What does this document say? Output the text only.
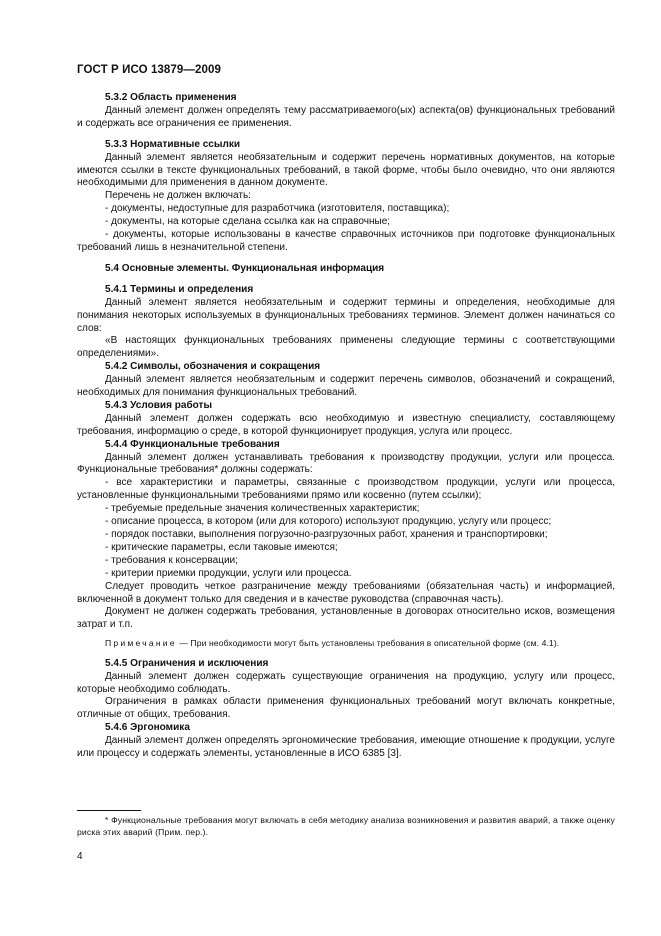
ГОСТ Р ИСО 13879—2009

5.3.2 Область применения

Данный элемент должен определять тему рассматриваемого(ых) аспекта(ов) функциональных требований и содержать все ограничения ее применения.

5.3.3 Нормативные ссылки

Данный элемент является необязательным и содержит перечень нормативных документов, на которые имеются ссылки в тексте функциональных требований, в такой форме, чтобы было очевидно, что они являются необходимыми для применения в данном документе.

Перечень не должен включать:

- документы, недоступные для разработчика (изготовителя, поставщика);

- документы, на которые сделана ссылка как на справочные;

- документы, которые использованы в качестве справочных источников при подготовке функциональных требований лишь в незначительной степени.

5.4 Основные элементы. Функциональная информация

5.4.1 Термины и определения

Данный элемент является необязательным и содержит термины и определения, необходимые для понимания некоторых используемых в функциональных требованиях терминов. Элемент должен начинаться со слов:

«В настоящих функциональных требованиях применены следующие термины с соответствующими определениями».

5.4.2 Символы, обозначения и сокращения

Данный элемент является необязательным и содержит перечень символов, обозначений и сокращений, необходимых для понимания функциональных требований.

5.4.3 Условия работы

Данный элемент должен содержать всю необходимую и известную специалисту, составляющему требования, информацию о среде, в которой функционирует продукция, услуга или процесс.

5.4.4 Функциональные требования

Данный элемент должен устанавливать требования к производству продукции, услуги или процесса. Функциональные требования* должны содержать:

- все характеристики и параметры, связанные с производством продукции, услуги или процесса, установленные функциональными требованиями прямо или косвенно (путем ссылки);

- требуемые предельные значения количественных характеристик;

- описание процесса, в котором (или для которого) используют продукцию, услугу или процесс;

- порядок поставки, выполнения погрузочно-разгрузочных работ, хранения и транспортировки;

- критические параметры, если таковые имеются;

- требования к консервации;

- критерии приемки продукции, услуги или процесса.

Следует проводить четкое разграничение между требованиями (обязательная часть) и информацией, включенной в документ только для сведения и в качестве руководства (справочная часть).

Документ не должен содержать требования, установленные в договорах относительно исков, возмещения затрат и т.п.

Примечание — При необходимости могут быть установлены требования в описательной форме (см. 4.1).

5.4.5 Ограничения и исключения

Данный элемент должен содержать существующие ограничения на продукцию, услугу или процесс, которые необходимо соблюдать.

Ограничения в рамках области применения функциональных требований могут включать конкретные, отличные от общих, требования.

5.4.6 Эргономика

Данный элемент должен определять эргономические требования, имеющие отношение к продукции, услуге или процессу и содержать элементы, установленные в ИСО 6385 [3].

* Функциональные требования могут включать в себя методику анализа возникновения и развития аварий, а также оценку риска этих аварий (Прим. пер.).
4
